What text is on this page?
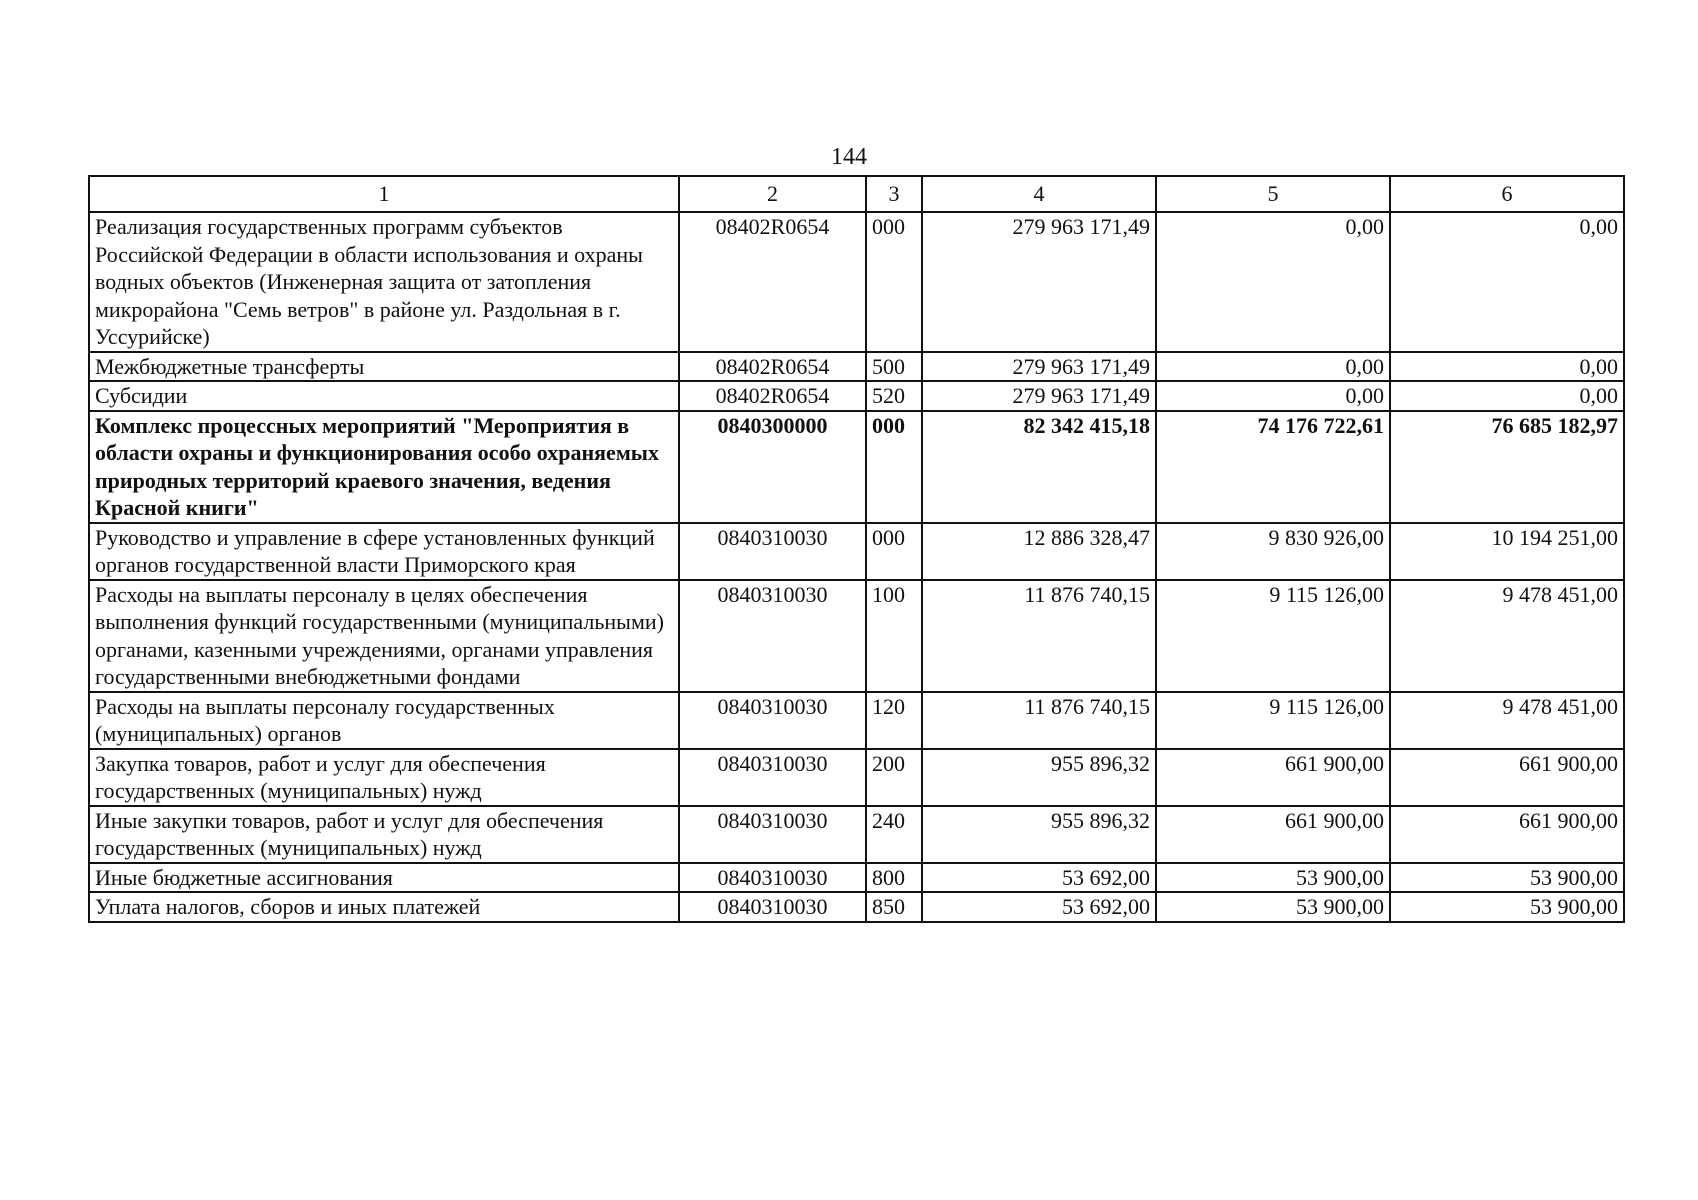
144
1	2	3	4	5	6
Реализация государственных программ субъектов Российской Федерации в области использования и охраны водных объектов (Инженерная защита от затопления микрорайона "Семь ветров" в районе ул. Раздольная в г. Уссурийске)	08402R0654	000	279 963 171,49	0,00	0,00
Межбюджетные трансферты	08402R0654	500	279 963 171,49	0,00	0,00
Субсидии	08402R0654	520	279 963 171,49	0,00	0,00
Комплекс процессных мероприятий "Мероприятия в области охраны и функционирования особо охраняемых природных территорий краевого значения, ведения Красной книги"	0840300000	000	82 342 415,18	74 176 722,61	76 685 182,97
Руководство и управление в сфере установленных функций органов государственной власти Приморского края	0840310030	000	12 886 328,47	9 830 926,00	10 194 251,00
Расходы на выплаты персоналу в целях обеспечения выполнения функций государственными (муниципальными) органами, казенными учреждениями, органами управления государственными внебюджетными фондами	0840310030	100	11 876 740,15	9 115 126,00	9 478 451,00
Расходы на выплаты персоналу государственных (муниципальных) органов	0840310030	120	11 876 740,15	9 115 126,00	9 478 451,00
Закупка товаров, работ и услуг для обеспечения государственных (муниципальных) нужд	0840310030	200	955 896,32	661 900,00	661 900,00
Иные закупки товаров, работ и услуг для обеспечения государственных (муниципальных) нужд	0840310030	240	955 896,32	661 900,00	661 900,00
Иные бюджетные ассигнования	0840310030	800	53 692,00	53 900,00	53 900,00
Уплата налогов, сборов и иных платежей	0840310030	850	53 692,00	53 900,00	53 900,00
